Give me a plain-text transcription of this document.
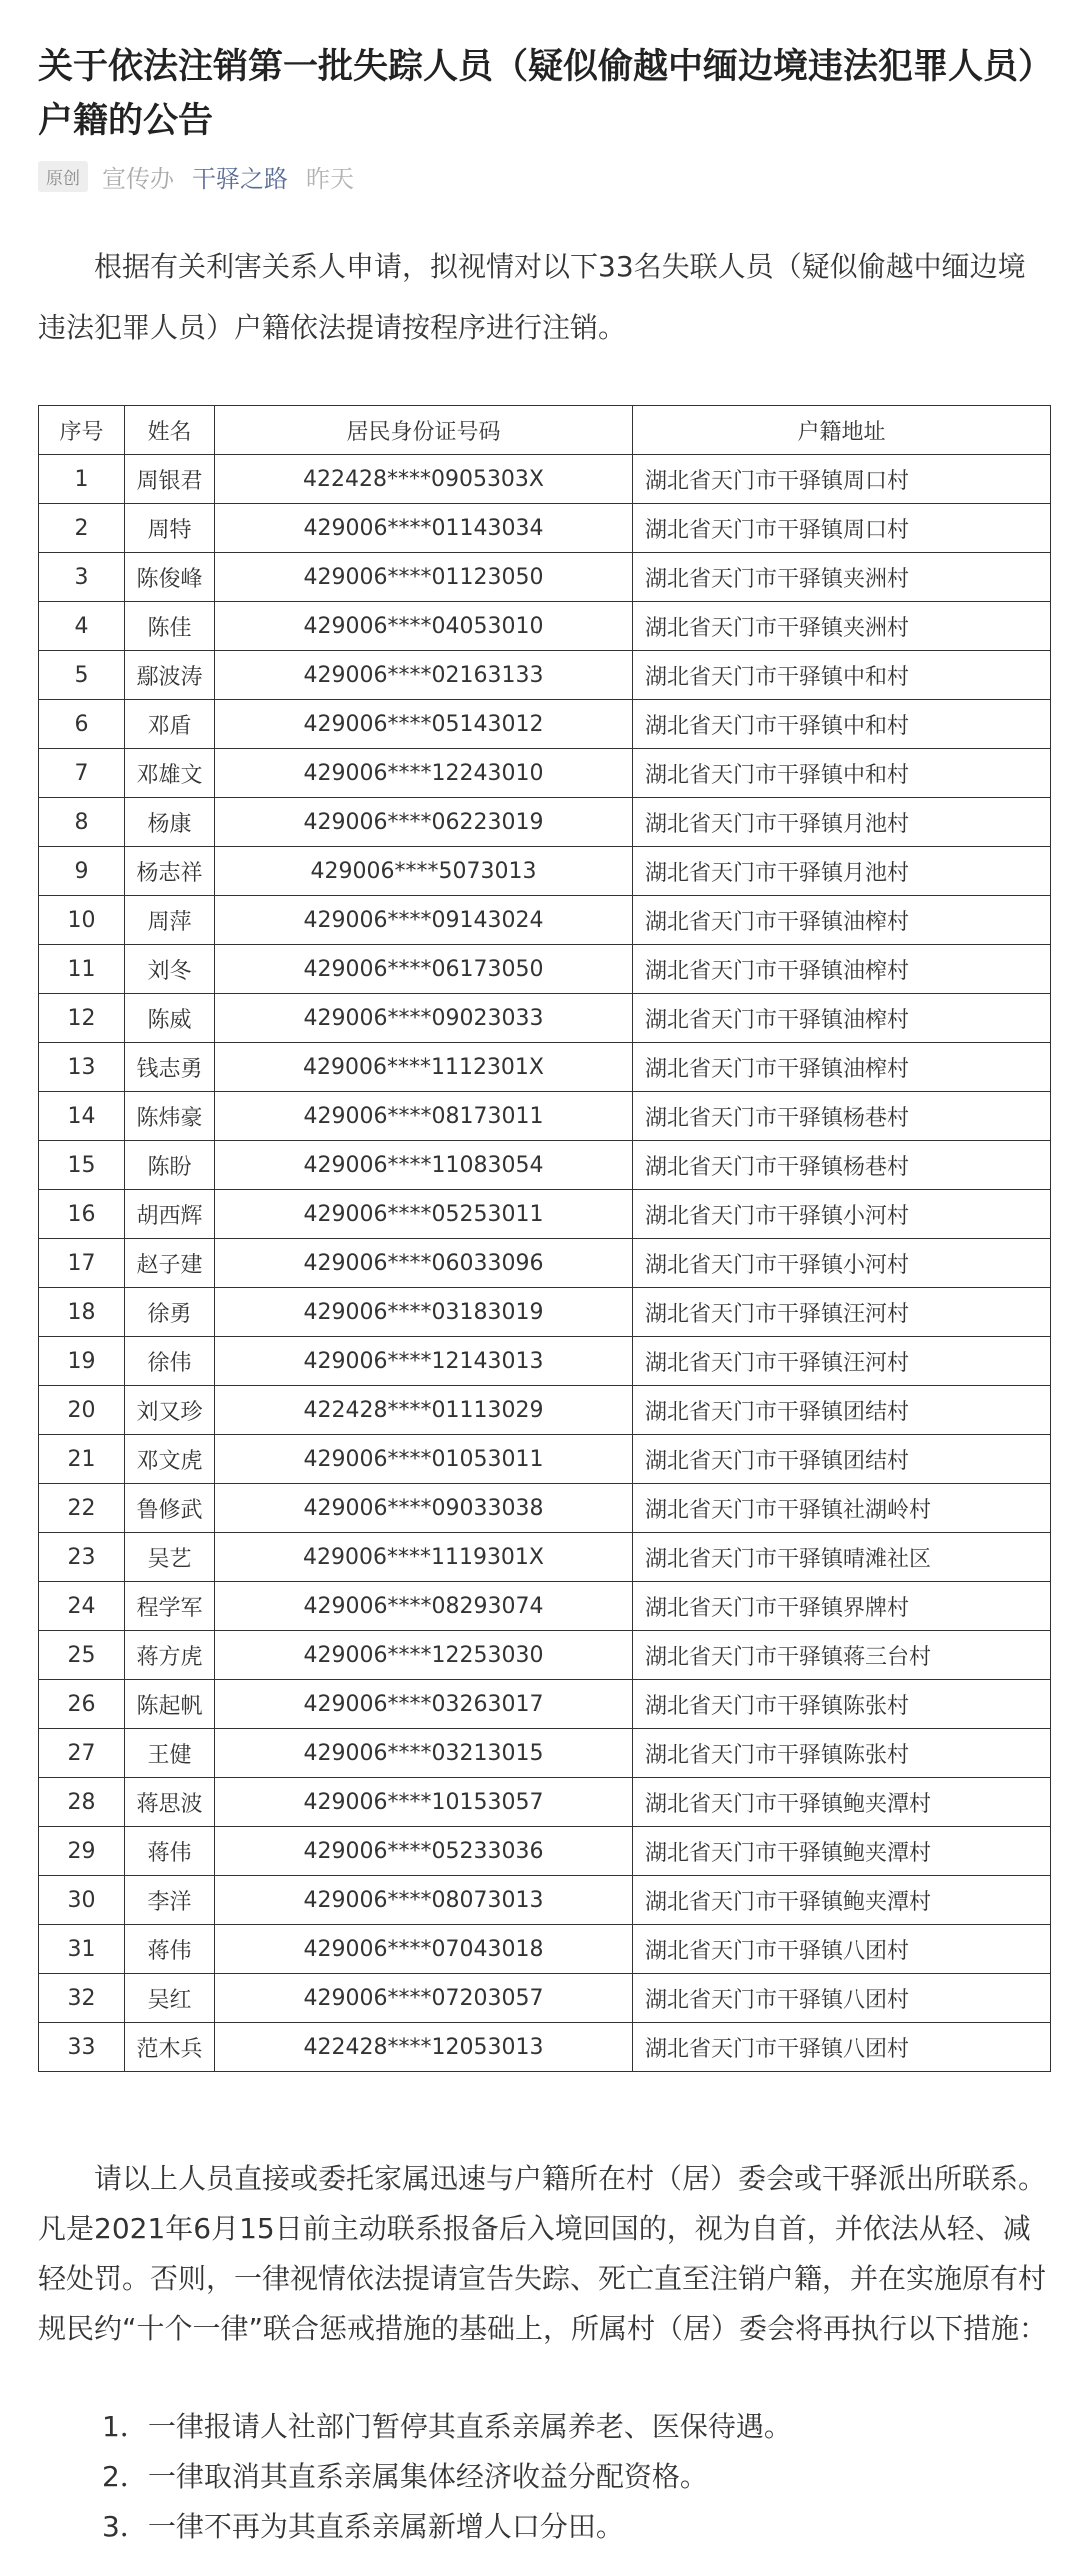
关于依法注销第一批失踪人员（疑似偷越中缅边境违法犯罪人员）户籍的公告
原创 宣传办 干驿之路 昨天

根据有关利害关系人申请，拟视情对以下33名失联人员（疑似偷越中缅边境违法犯罪人员）户籍依法提请按程序进行注销。

序号	姓名	居民身份证号码	户籍地址
1	周银君	422428****0905303X	湖北省天门市干驿镇周口村
2	周特	429006****01143034	湖北省天门市干驿镇周口村
3	陈俊峰	429006****01123050	湖北省天门市干驿镇夹洲村
4	陈佳	429006****04053010	湖北省天门市干驿镇夹洲村
5	鄢波涛	429006****02163133	湖北省天门市干驿镇中和村
6	邓盾	429006****05143012	湖北省天门市干驿镇中和村
7	邓雄文	429006****12243010	湖北省天门市干驿镇中和村
8	杨康	429006****06223019	湖北省天门市干驿镇月池村
9	杨志祥	429006****5073013	湖北省天门市干驿镇月池村
10	周萍	429006****09143024	湖北省天门市干驿镇油榨村
11	刘冬	429006****06173050	湖北省天门市干驿镇油榨村
12	陈威	429006****09023033	湖北省天门市干驿镇油榨村
13	钱志勇	429006****1112301X	湖北省天门市干驿镇油榨村
14	陈炜豪	429006****08173011	湖北省天门市干驿镇杨巷村
15	陈盼	429006****11083054	湖北省天门市干驿镇杨巷村
16	胡西辉	429006****05253011	湖北省天门市干驿镇小河村
17	赵子建	429006****06033096	湖北省天门市干驿镇小河村
18	徐勇	429006****03183019	湖北省天门市干驿镇汪河村
19	徐伟	429006****12143013	湖北省天门市干驿镇汪河村
20	刘又珍	422428****01113029	湖北省天门市干驿镇团结村
21	邓文虎	429006****01053011	湖北省天门市干驿镇团结村
22	鲁修武	429006****09033038	湖北省天门市干驿镇社湖岭村
23	吴艺	429006****1119301X	湖北省天门市干驿镇晴滩社区
24	程学军	429006****08293074	湖北省天门市干驿镇界牌村
25	蒋方虎	429006****12253030	湖北省天门市干驿镇蒋三台村
26	陈起帆	429006****03263017	湖北省天门市干驿镇陈张村
27	王健	429006****03213015	湖北省天门市干驿镇陈张村
28	蒋思波	429006****10153057	湖北省天门市干驿镇鲍夹潭村
29	蒋伟	429006****05233036	湖北省天门市干驿镇鲍夹潭村
30	李洋	429006****08073013	湖北省天门市干驿镇鲍夹潭村
31	蒋伟	429006****07043018	湖北省天门市干驿镇八团村
32	吴红	429006****07203057	湖北省天门市干驿镇八团村
33	范木兵	422428****12053013	湖北省天门市干驿镇八团村

请以上人员直接或委托家属迅速与户籍所在村（居）委会或干驿派出所联系。凡是2021年6月15日前主动联系报备后入境回国的，视为自首，并依法从轻、减轻处罚。否则，一律视情依法提请宣告失踪、死亡直至注销户籍，并在实施原有村规民约“十个一律”联合惩戒措施的基础上，所属村（居）委会将再执行以下措施：

1．一律报请人社部门暂停其直系亲属养老、医保待遇。
2．一律取消其直系亲属集体经济收益分配资格。
3．一律不再为其直系亲属新增人口分田。
